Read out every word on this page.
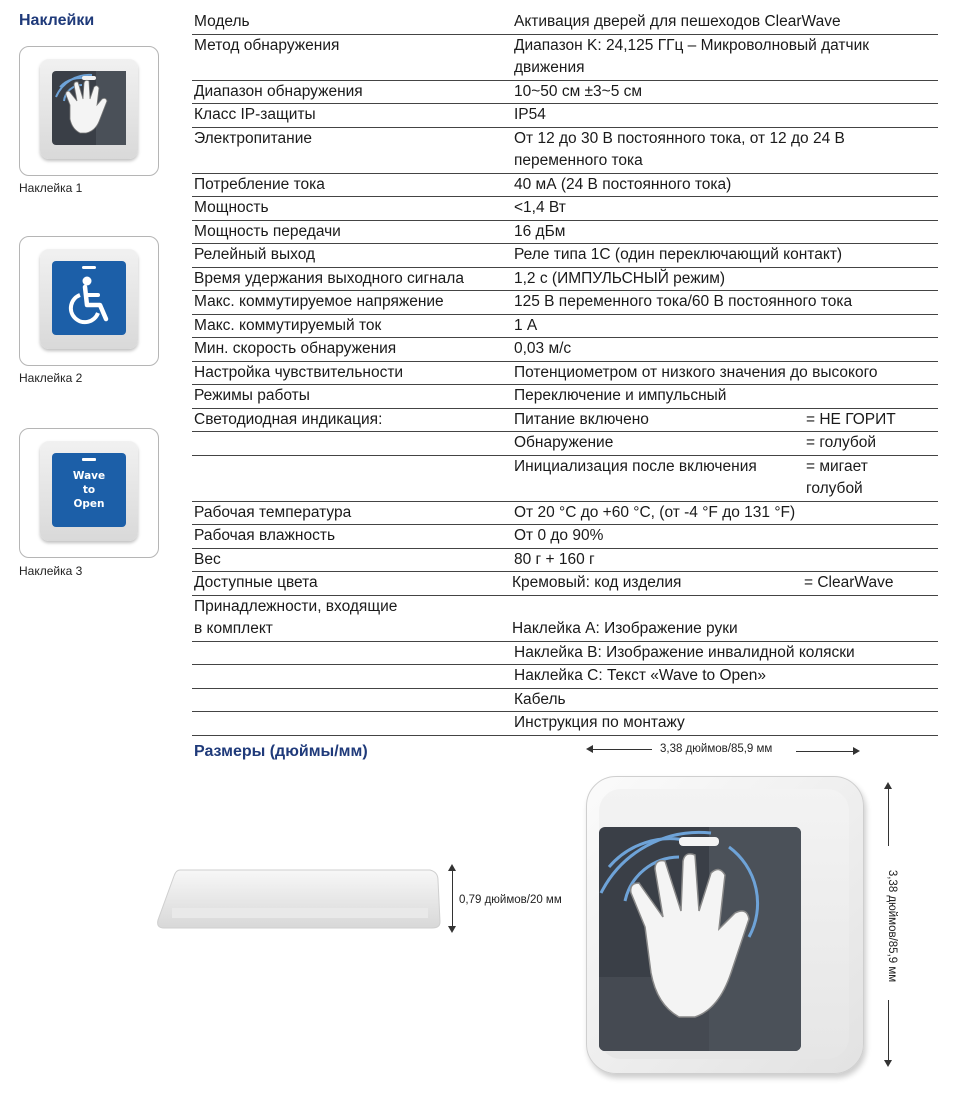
Наклейки
Наклейка 1
Наклейка 2
Wave
to
Open
Наклейка 3
Модель	Активация дверей для пешеходов ClearWave
Метод обнаружения	Диапазон K: 24,125 ГГц – Микроволновый датчик движения
Диапазон обнаружения	10~50 см ±3~5 см
Класс IP-защиты	IP54
Электропитание	От 12 до 30 В постоянного тока, от 12 до 24 В переменного тока
Потребление тока	40 мА (24 В постоянного тока)
Мощность	<1,4 Вт
Мощность передачи	16 дБм
Релейный выход	Реле типа 1С (один переключающий контакт)
Время удержания выходного сигнала	1,2 с (ИМПУЛЬСНЫЙ режим)
Макс. коммутируемое напряжение	125 В переменного тока/60 В постоянного тока
Макс. коммутируемый ток	1 А
Мин. скорость обнаружения	0,03 м/с
Настройка чувствительности	Потенциометром от низкого значения до высокого
Режимы работы	Переключение и импульсный
Светодиодная индикация:	Питание включено = НЕ ГОРИТ

	Обнаружение = голубой

	Инициализация после включения = мигает голубой

Рабочая температура	От 20 °C до +60 °C, (от -4 °F до 131 °F)
Рабочая влажность	От 0 до 90%
Вес	80 г + 160 г
Доступные цвета	Кремовый: код изделия = ClearWave

Принадлежности, входящие
в комплект	Наклейка A: Изображение руки
	Наклейка B: Изображение инвалидной коляски
	Наклейка C: Текст «Wave to Open»
	Кабель
	Инструкция по монтажу
Размеры (дюймы/мм)
0,79 дюймов/20 мм
3,38 дюймов/85,9 мм
3,38 дюймов/85,9 мм
